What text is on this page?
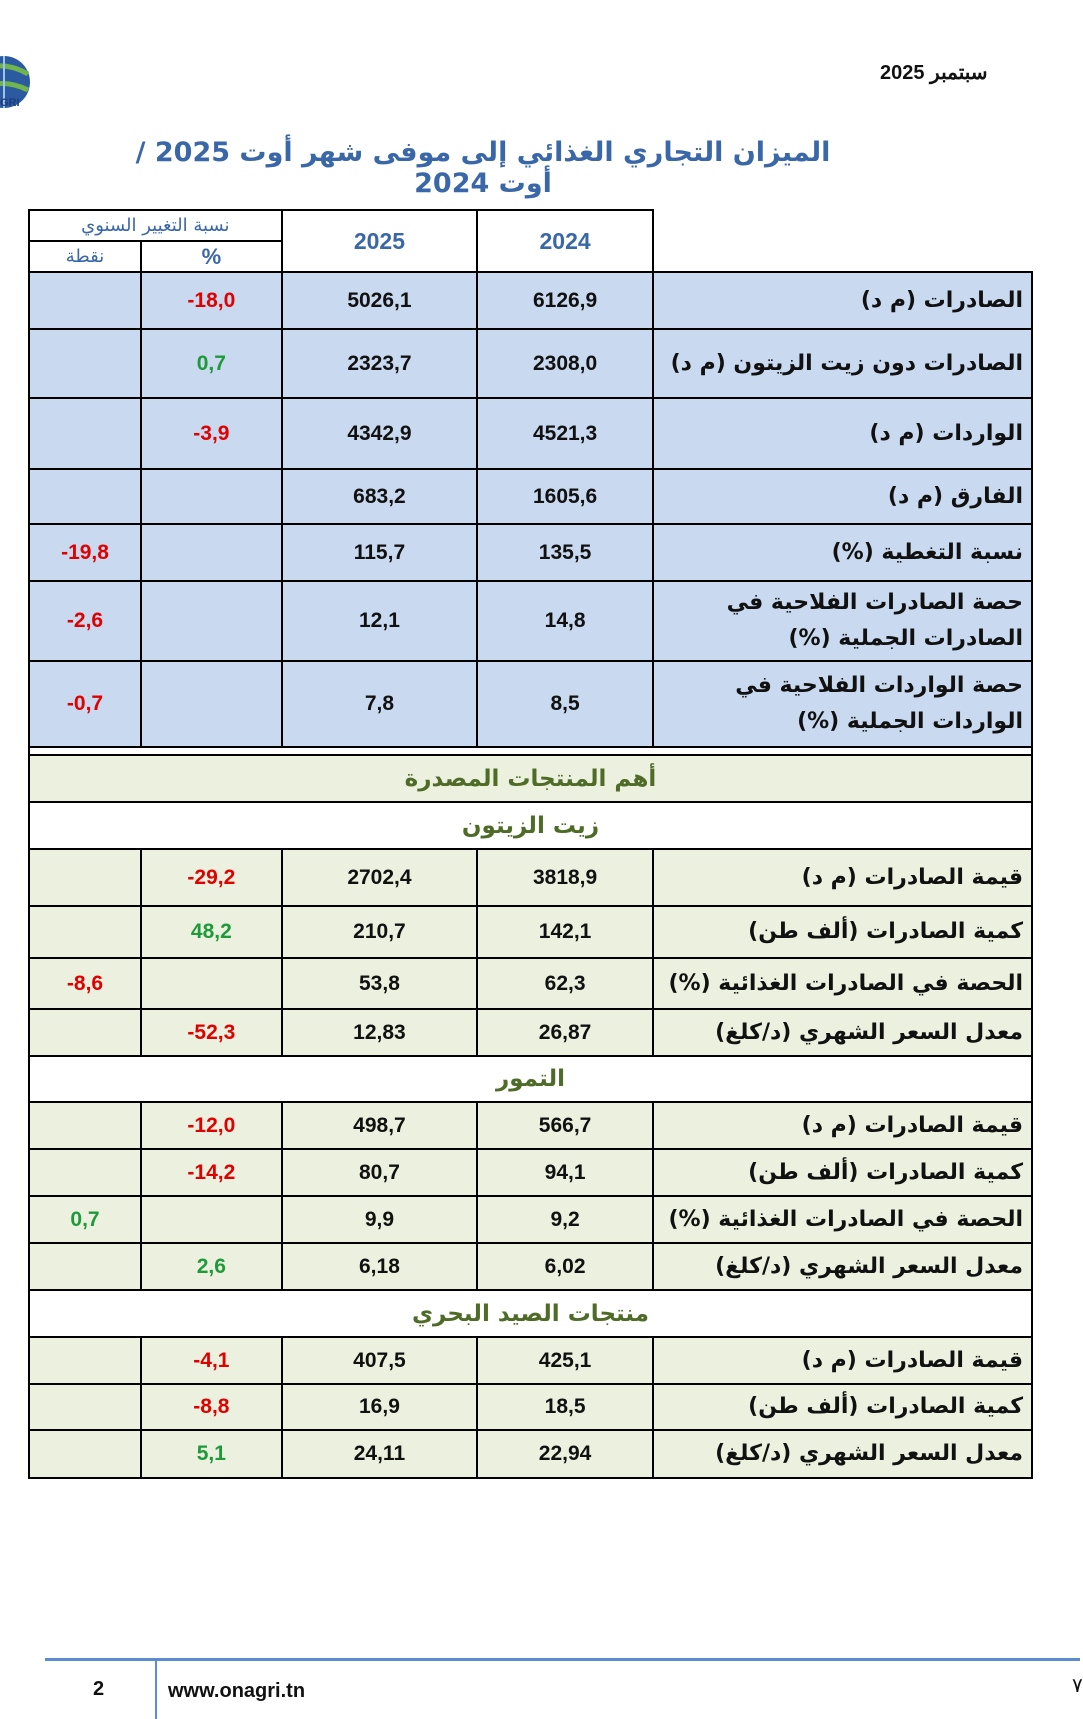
GRI
سبتمبر 2025
الميزان التجاري الغذائي إلى موفى شهر أوت 2025 / أوت 2024
نسبة التغيير السنوي		2025	2024	
نقطة	%			
	-18,0	5026,1	6126,9	الصادرات (م د)
	0,7	2323,7	2308,0	الصادرات دون زيت الزيتون (م د)
	-3,9	4342,9	4521,3	الواردات (م د)
		683,2	1605,6	الفارق (م د)
-19,8		115,7	135,5	نسبة التغطية (%)
-2,6		12,1	14,8	حصة الصادرات الفلاحية في الصادرات الجملية (%)
-0,7		7,8	8,5	حصة الواردات الفلاحية في الواردات الجملية (%)

أهم المنتجات المصدرة				
زيت الزيتون				
	-29,2	2702,4	3818,9	قيمة الصادرات (م د)
	48,2	210,7	142,1	كمية الصادرات (ألف طن)
-8,6		53,8	62,3	الحصة في الصادرات الغذائية (%)
	-52,3	12,83	26,87	معدل السعر الشهري (د/كلغ)
التمور				
	-12,0	498,7	566,7	قيمة الصادرات (م د)
	-14,2	80,7	94,1	كمية الصادرات (ألف طن)
0,7		9,9	9,2	الحصة في الصادرات الغذائية (%)
	2,6	6,18	6,02	معدل السعر الشهري (د/كلغ)
منتجات الصيد البحري				
	-4,1	407,5	425,1	قيمة الصادرات (م د)
	-8,8	16,9	18,5	كمية الصادرات (ألف طن)
	5,1	24,11	22,94	معدل السعر الشهري (د/كلغ)
2	www.onagri.tn	٧
